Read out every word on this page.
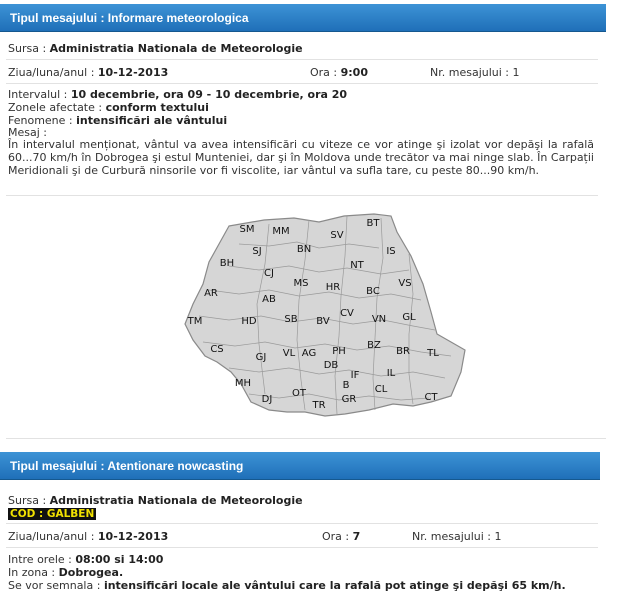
Tipul mesajului : Informare meteorologica
Sursa : Administratia Nationala de Meteorologie
Ziua/luna/anul : 10-12-2013	Ora : 9:00	Nr. mesajului : 1
Intervalul : 10 decembrie, ora 09 - 10 decembrie, ora 20
Zonele afectate : conform textului
Fenomene : intensificări ale vântului
Mesaj :
În intervalul menționat, vântul va avea intensificări cu viteze ce vor atinge şi izolat vor depăşi la rafală 60...70 km/h în Dobrogea şi estul Munteniei, dar şi în Moldova unde trecător va mai ninge slab. În Carpații Meridionali şi de Curbură ninsorile vor fi viscolite, iar vântul va sufla tare, cu peste 80...90 km/h.
SM MM
BT
SV
BN
SJ	IS
BH	NT
CJ
MS
AR
HR	BC
VS
AB
TM	HD	SB
CV
VN GL
BV
CS
GJ VL AG PH
BZ
BR TL
DB
MH
IF	IL
DJ
OT
TR
B
GR
CL
CT
Tipul mesajului : Atentionare nowcasting
Sursa : Administratia Nationala de Meteorologie
COD : GALBEN
Ziua/luna/anul : 10-12-2013	Ora : 7	Nr. mesajului : 1
Intre orele : 08:00 si 14:00
In zona : Dobrogea.
Se vor semnala : intensificări locale ale vântului care la rafală pot atinge şi depăşi 65 km/h.
